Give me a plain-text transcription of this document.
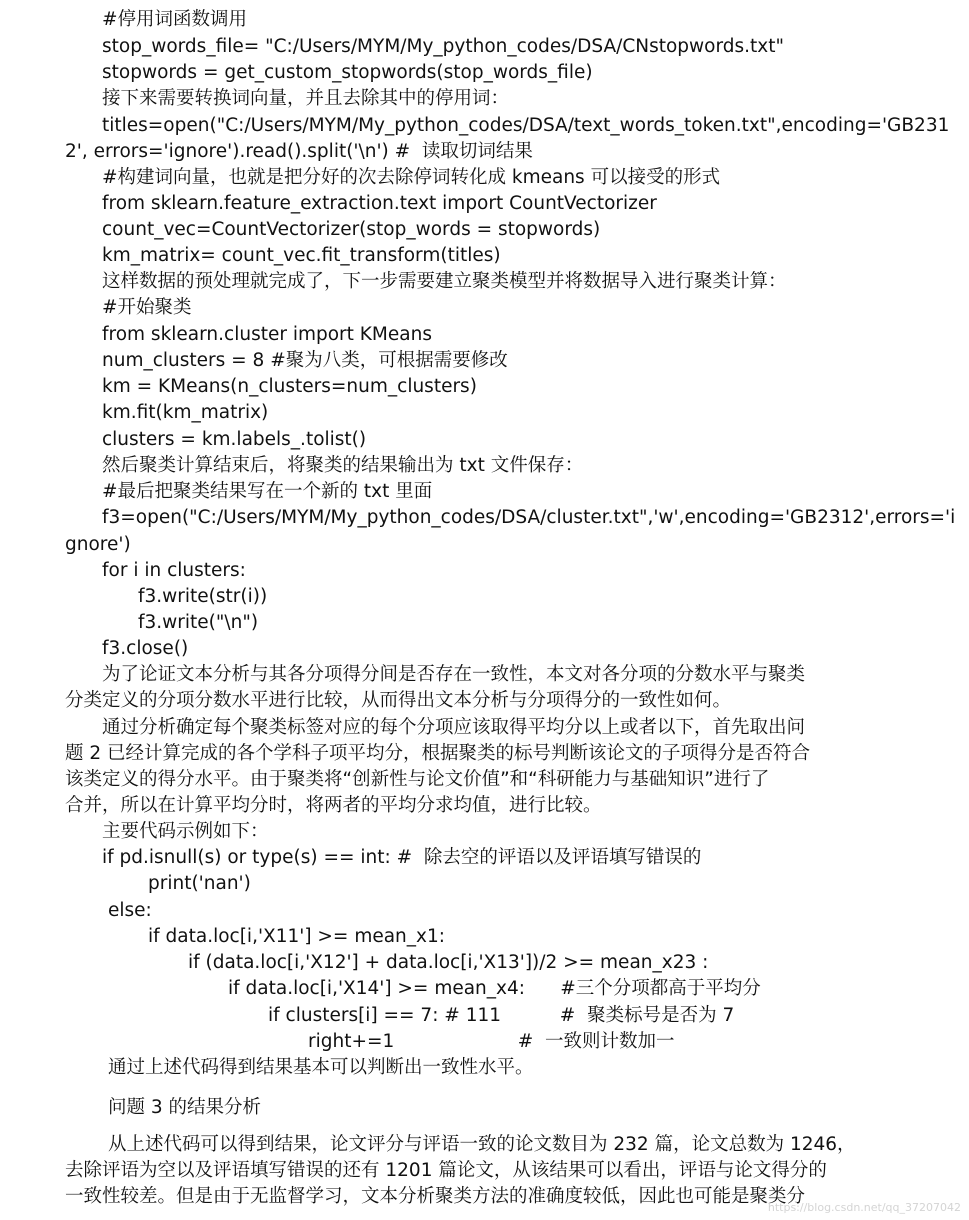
#停用词函数调用
stop_words_file= "C:/Users/MYM/My_python_codes/DSA/CNstopwords.txt"
stopwords = get_custom_stopwords(stop_words_file)
接下来需要转换词向量，并且去除其中的停用词：
titles=open("C:/Users/MYM/My_python_codes/DSA/text_words_token.txt",encoding='GB231
2', errors='ignore').read().split('\n') #  读取切词结果
#构建词向量，也就是把分好的次去除停词转化成 kmeans 可以接受的形式
from sklearn.feature_extraction.text import CountVectorizer
count_vec=CountVectorizer(stop_words = stopwords)
km_matrix= count_vec.fit_transform(titles)
这样数据的预处理就完成了，下一步需要建立聚类模型并将数据导入进行聚类计算：
#开始聚类
from sklearn.cluster import KMeans
num_clusters = 8 #聚为八类，可根据需要修改
km = KMeans(n_clusters=num_clusters)
km.fit(km_matrix)
clusters = km.labels_.tolist()
然后聚类计算结束后，将聚类的结果输出为 txt 文件保存：
#最后把聚类结果写在一个新的 txt 里面
f3=open("C:/Users/MYM/My_python_codes/DSA/cluster.txt",'w',encoding='GB2312',errors='i
gnore')
for i in clusters:
f3.write(str(i))
f3.write("\n")
f3.close()
为了论证文本分析与其各分项得分间是否存在一致性，本文对各分项的分数水平与聚类
分类定义的分项分数水平进行比较，从而得出文本分析与分项得分的一致性如何。
通过分析确定每个聚类标签对应的每个分项应该取得平均分以上或者以下，首先取出问
题 2 已经计算完成的各个学科子项平均分，根据聚类的标号判断该论文的子项得分是否符合
该类定义的得分水平。由于聚类将“创新性与论文价值”和“科研能力与基础知识”进行了
合并，所以在计算平均分时，将两者的平均分求均值，进行比较。
主要代码示例如下：
if pd.isnull(s) or type(s) == int: #  除去空的评语以及评语填写错误的
print('nan')
else:
if data.loc[i,'X11'] >= mean_x1:
if (data.loc[i,'X12'] + data.loc[i,'X13'])/2 >= mean_x23 :
if data.loc[i,'X14'] >= mean_x4:      #三个分项都高于平均分
if clusters[i] == 7: # 111          #  聚类标号是否为 7
right+=1                     #  一致则计数加一
通过上述代码得到结果基本可以判断出一致性水平。
问题 3 的结果分析
从上述代码可以得到结果，论文评分与评语一致的论文数目为 232 篇，论文总数为 1246，
去除评语为空以及评语填写错误的还有 1201 篇论文，从该结果可以看出，评语与论文得分的
一致性较差。但是由于无监督学习，文本分析聚类方法的准确度较低，因此也可能是聚类分
https://blog.csdn.net/qq_37207042
